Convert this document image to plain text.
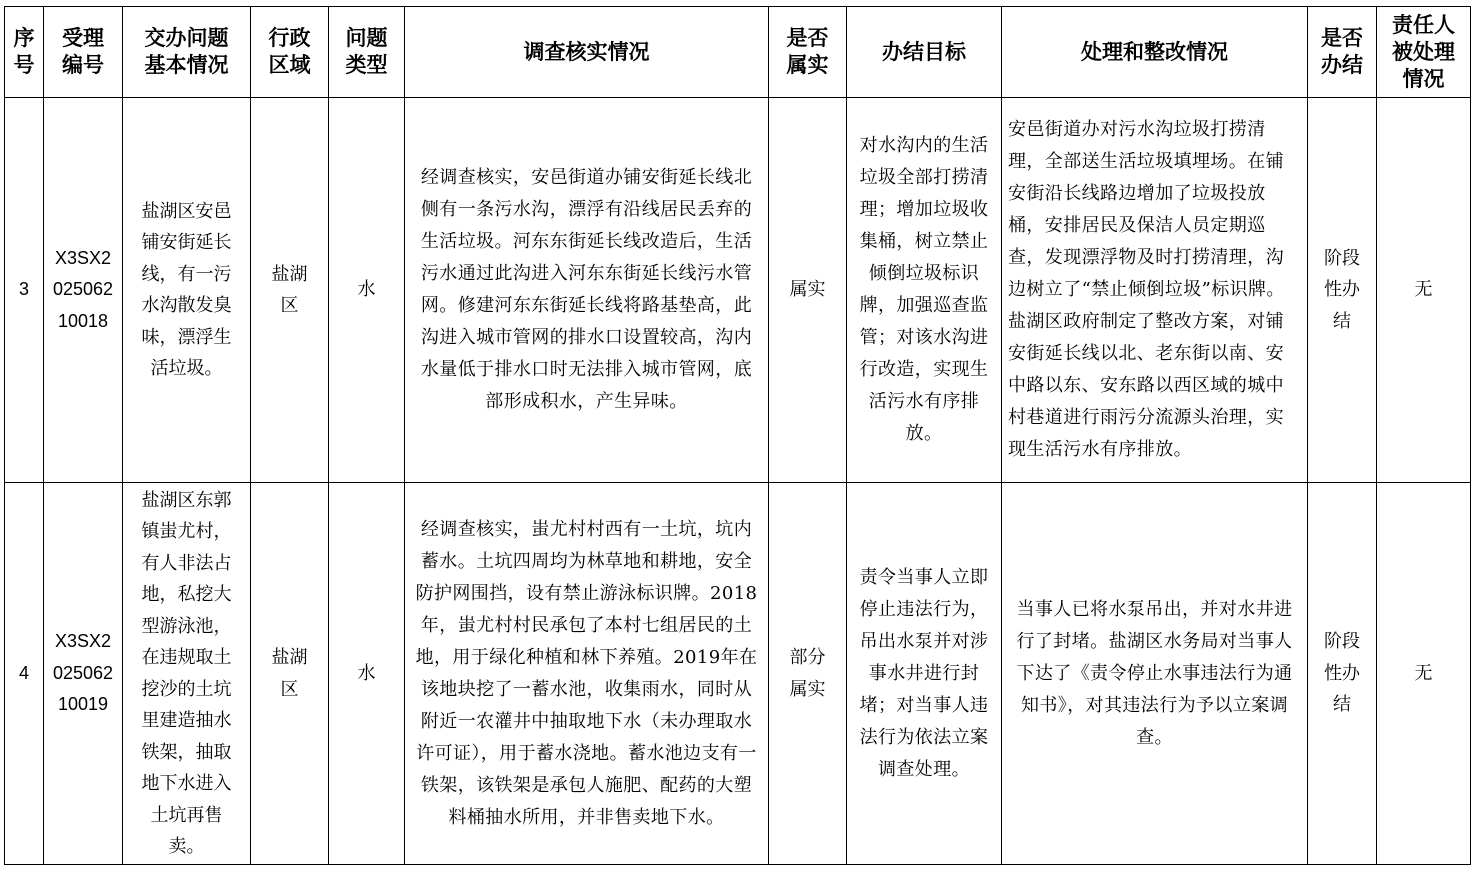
序号	受理编号	交办问题基本情况	行政区域	问题类型	调查核实情况	是否属实	办结目标	处理和整改情况	是否办结	责任人被处理情况
3	X3SX202506210018	盐湖区安邑铺安街延长线，有一污水沟散发臭味，漂浮生活垃圾。	盐湖区	水	经调查核实，安邑街道办铺安街延长线北侧有一条污水沟，漂浮有沿线居民丢弃的生活垃圾。河东东街延长线改造后，生活污水通过此沟进入河东东街延长线污水管网。修建河东东街延长线将路基垫高，此沟进入城市管网的排水口设置较高，沟内水量低于排水口时无法排入城市管网，底部形成积水，产生异味。	属实	对水沟内的生活垃圾全部打捞清理；增加垃圾收集桶，树立禁止倾倒垃圾标识牌，加强巡查监管；对该水沟进行改造，实现生活污水有序排放。	安邑街道办对污水沟垃圾打捞清理，全部送生活垃圾填埋场。在铺安街沿长线路边增加了垃圾投放桶，安排居民及保洁人员定期巡查，发现漂浮物及时打捞清理，沟边树立了“禁止倾倒垃圾”标识牌。盐湖区政府制定了整改方案，对铺安街延长线以北、老东街以南、安中路以东、安东路以西区域的城中村巷道进行雨污分流源头治理，实现生活污水有序排放。	阶段性办结	无
4	X3SX202506210019	盐湖区东郭镇蚩尤村，有人非法占地，私挖大型游泳池，在违规取土挖沙的土坑里建造抽水铁架，抽取地下水进入土坑再售卖。	盐湖区	水	经调查核实，蚩尤村村西有一土坑，坑内蓄水。土坑四周均为林草地和耕地，安全防护网围挡，设有禁止游泳标识牌。2018年，蚩尤村村民承包了本村七组居民的土地，用于绿化种植和林下养殖。2019年在该地块挖了一蓄水池，收集雨水，同时从附近一农灌井中抽取地下水（未办理取水许可证），用于蓄水浇地。蓄水池边支有一铁架，该铁架是承包人施肥、配药的大塑料桶抽水所用，并非售卖地下水。	部分属实	责令当事人立即停止违法行为，吊出水泵并对涉事水井进行封堵；对当事人违法行为依法立案调查处理。	当事人已将水泵吊出，并对水井进行了封堵。盐湖区水务局对当事人下达了《责令停止水事违法行为通知书》，对其违法行为予以立案调查。	阶段性办结	无
